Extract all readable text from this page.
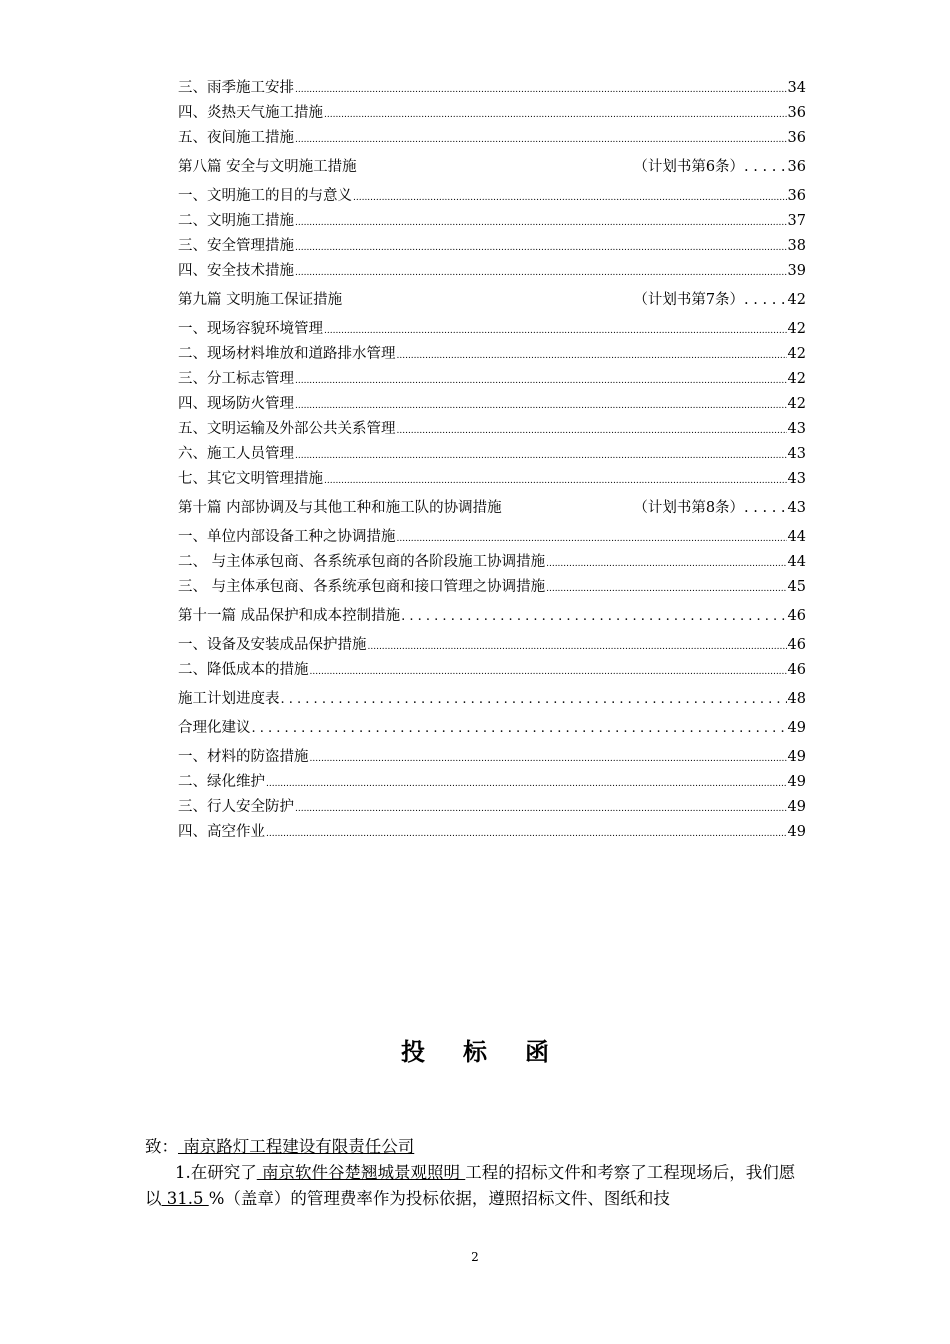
三、雨季施工安排 .....	34
四、炎热天气施工措施 .....	36
五、夜间施工措施 .....	36
第八篇 安全与文明施工措施	（计划书第6条）. . . . . 36
一、文明施工的目的与意义 .....	36
二、文明施工措施 .....	37
三、安全管理措施 .....	38
四、安全技术措施 .....	39
第九篇 文明施工保证措施	（计划书第7条）. . . . . 42
一、现场容貌环境管理 .....	42
二、现场材料堆放和道路排水管理 .....	42
三、分工标志管理 .....	42
四、现场防火管理 .....	42
五、文明运输及外部公共关系管理 .....	43
六、施工人员管理 .....	43
七、其它文明管理措施 .....	43
第十篇 内部协调及与其他工种和施工队的协调措施	（计划书第8条）. . . . . 43
一、单位内部设备工种之协调措施 .....	44
二、 与主体承包商、各系统承包商的各阶段施工协调措施 .....	44
三、 与主体承包商、各系统承包商和接口管理之协调措施 .....	45
第十一篇 成品保护和成本控制措施 . . .	46
一、设备及安装成品保护措施 .....	46
二、降低成本的措施 .....	46
施工计划进度表 . . .	48
合理化建议 . . .	49
一、材料的防盗措施 .....	49
二、绿化维护 .....	49
三、行人安全防护 .....	49
四、高空作业 .....	49
投标函

致： 南京路灯工程建设有限责任公司

1.在研究了 南京软件谷楚翘城景观照明 工程的招标文件和考察了工程现场后，我们愿以 31.5 %（盖章）的管理费率作为投标依据，遵照招标文件、图纸和技

2
